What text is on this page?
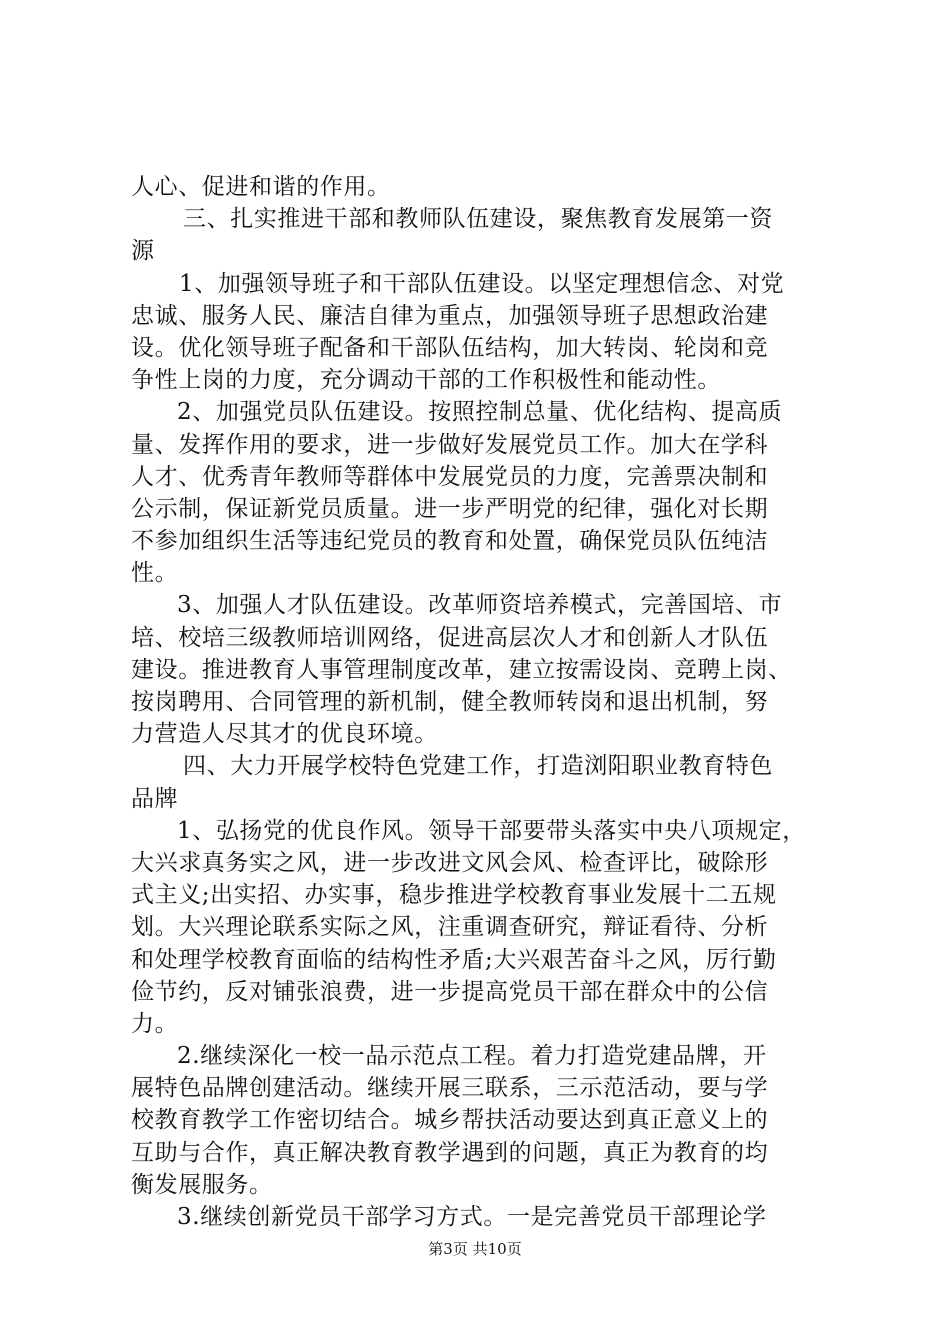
人心、促进和谐的作用。
三、扎实推进干部和教师队伍建设，聚焦教育发展第一资
源
1、加强领导班子和干部队伍建设。以坚定理想信念、对党
忠诚、服务人民、廉洁自律为重点，加强领导班子思想政治建
设。优化领导班子配备和干部队伍结构，加大转岗、轮岗和竞
争性上岗的力度，充分调动干部的工作积极性和能动性。
2、加强党员队伍建设。按照控制总量、优化结构、提高质
量、发挥作用的要求，进一步做好发展党员工作。加大在学科
人才、优秀青年教师等群体中发展党员的力度，完善票决制和
公示制，保证新党员质量。进一步严明党的纪律，强化对长期
不参加组织生活等违纪党员的教育和处置，确保党员队伍纯洁
性。
3、加强人才队伍建设。改革师资培养模式，完善国培、市
培、校培三级教师培训网络，促进高层次人才和创新人才队伍
建设。推进教育人事管理制度改革，建立按需设岗、竞聘上岗、
按岗聘用、合同管理的新机制，健全教师转岗和退出机制，努
力营造人尽其才的优良环境。
四、大力开展学校特色党建工作，打造浏阳职业教育特色
品牌
1、弘扬党的优良作风。领导干部要带头落实中央八项规定，
大兴求真务实之风，进一步改进文风会风、检查评比，破除形
式主义;出实招、办实事，稳步推进学校教育事业发展十二五规
划。大兴理论联系实际之风，注重调查研究，辩证看待、分析
和处理学校教育面临的结构性矛盾;大兴艰苦奋斗之风，厉行勤
俭节约，反对铺张浪费，进一步提高党员干部在群众中的公信
力。
2.继续深化一校一品示范点工程。着力打造党建品牌，开
展特色品牌创建活动。继续开展三联系，三示范活动，要与学
校教育教学工作密切结合。城乡帮扶活动要达到真正意义上的
互助与合作，真正解决教育教学遇到的问题，真正为教育的均
衡发展服务。
3.继续创新党员干部学习方式。一是完善党员干部理论学
第3页 共10页
